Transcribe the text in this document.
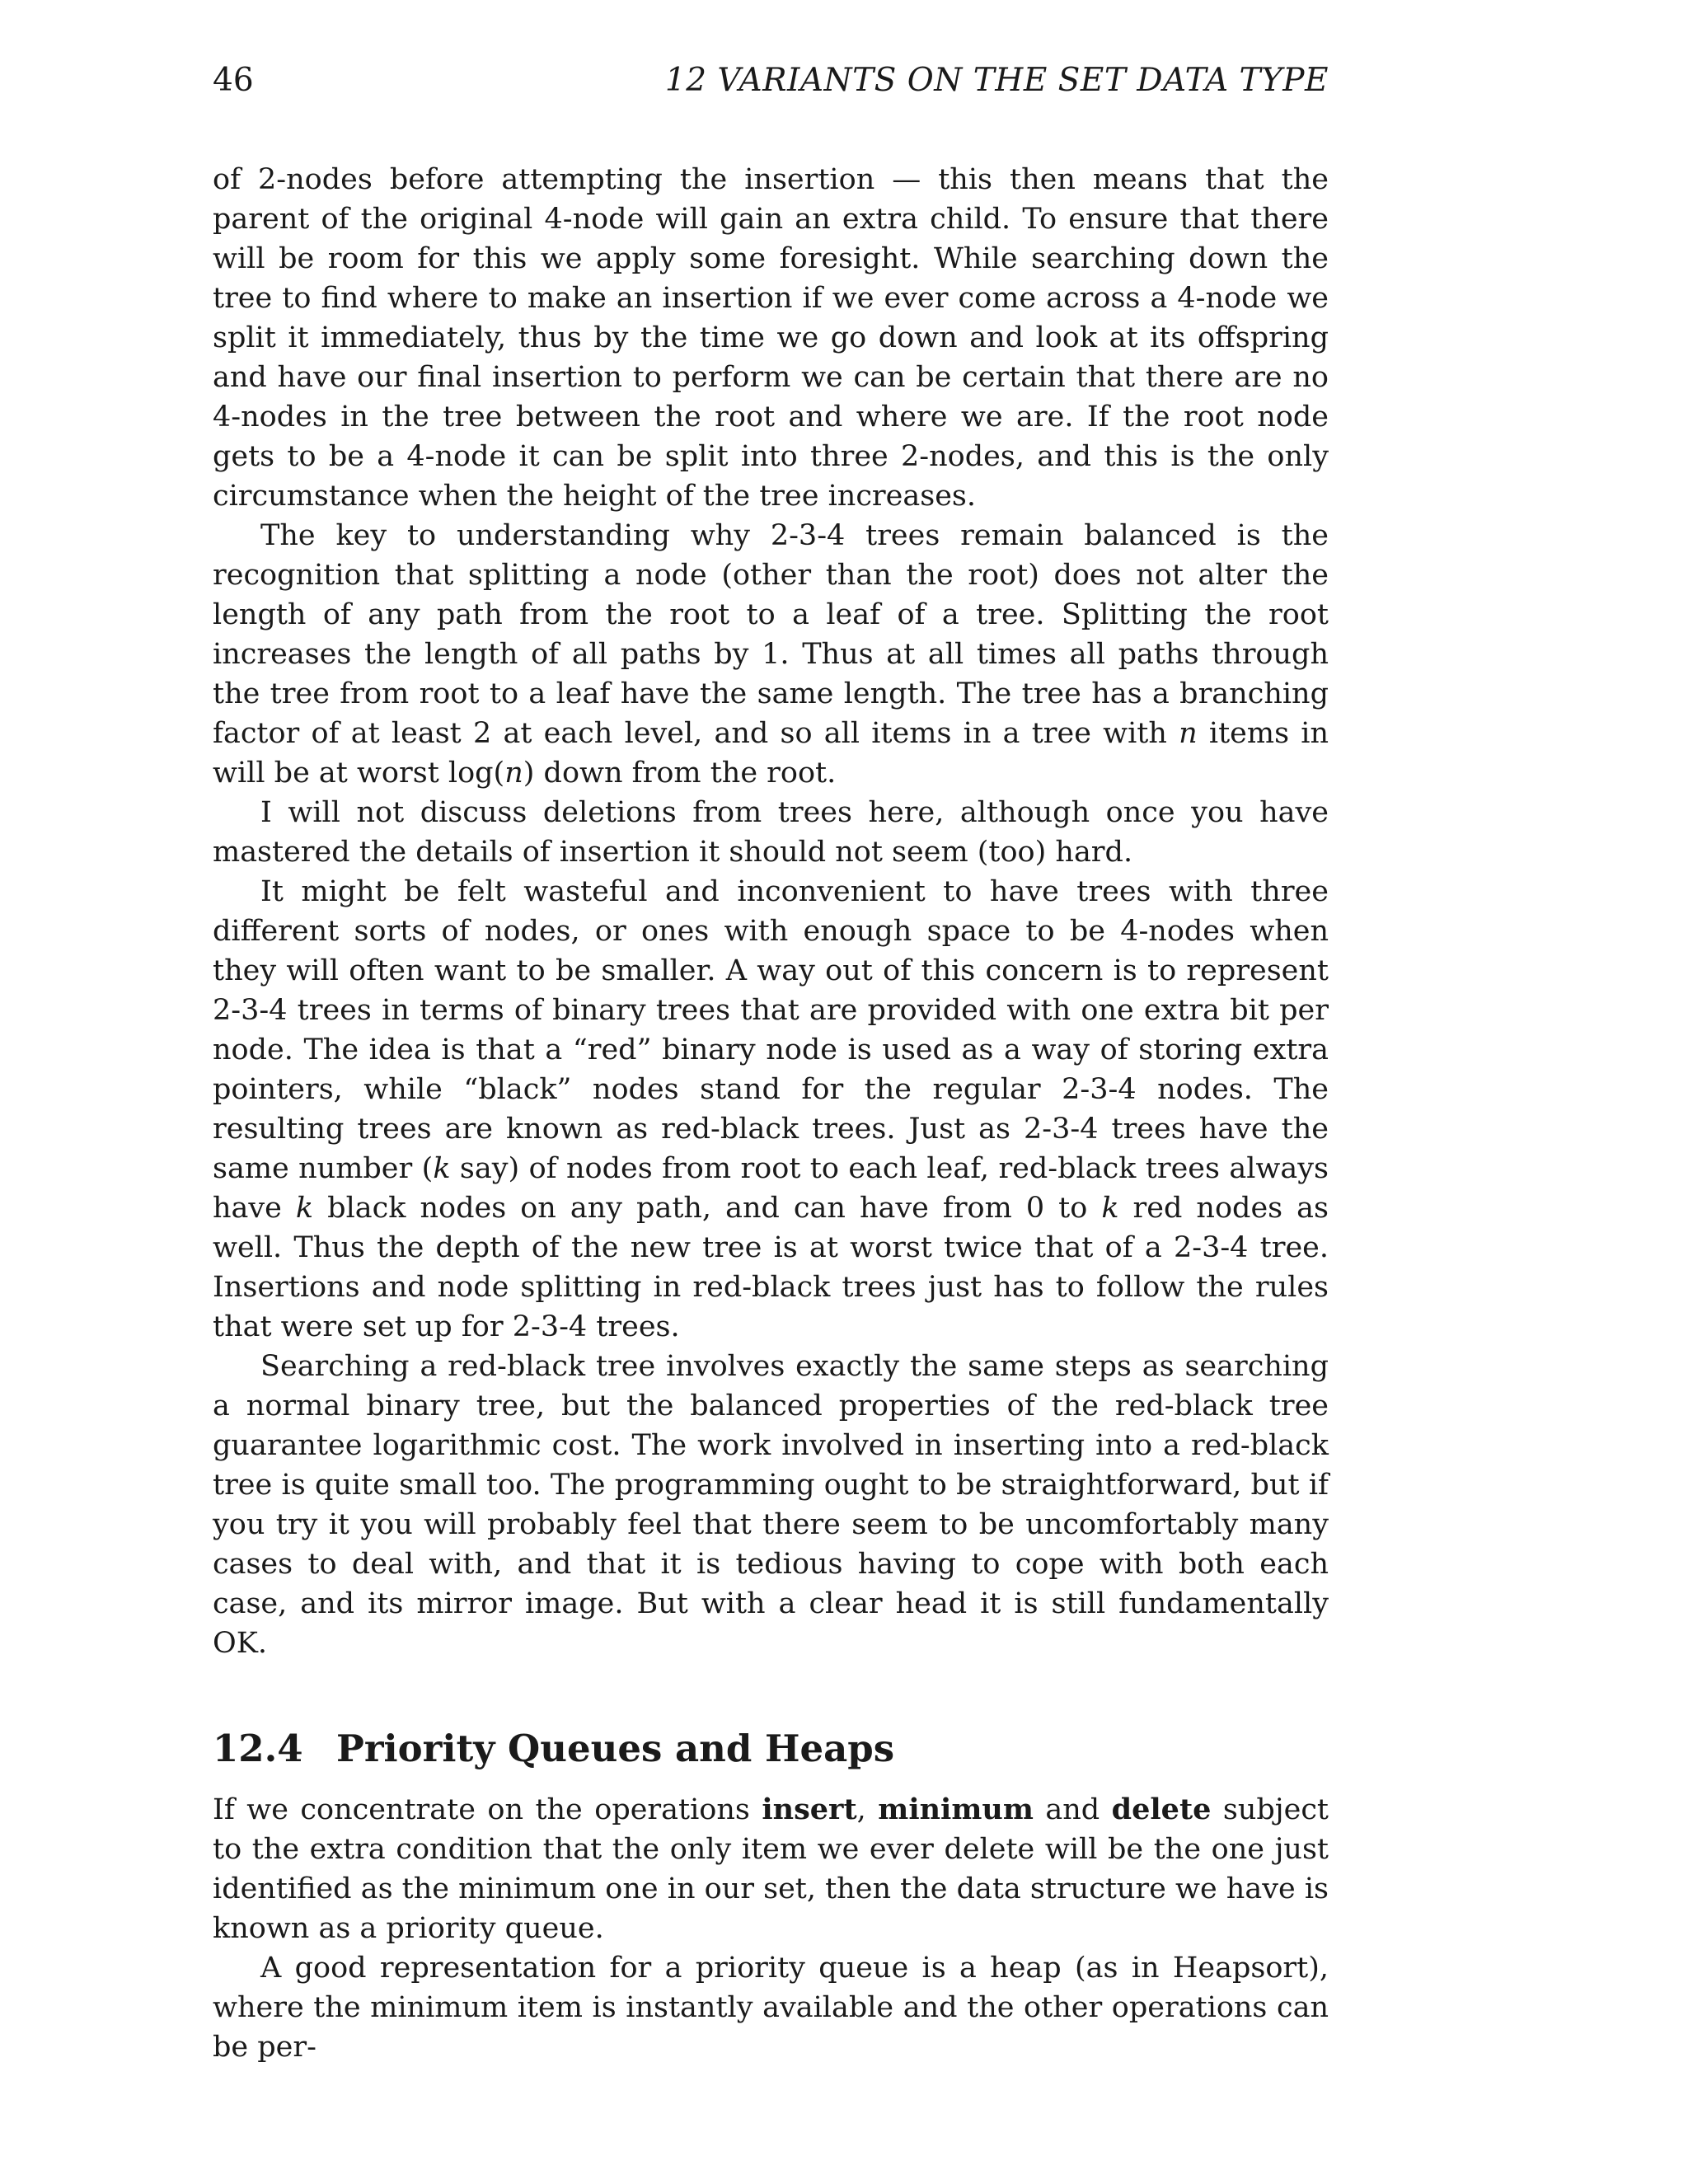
46	12 VARIANTS ON THE SET DATA TYPE

of 2-nodes before attempting the insertion — this then means that the parent of the original 4-node will gain an extra child. To ensure that there will be room for this we apply some foresight. While searching down the tree to find where to make an insertion if we ever come across a 4-node we split it immediately, thus by the time we go down and look at its offspring and have our final insertion to perform we can be certain that there are no 4-nodes in the tree between the root and where we are. If the root node gets to be a 4-node it can be split into three 2-nodes, and this is the only circumstance when the height of the tree increases.

The key to understanding why 2-3-4 trees remain balanced is the recognition that splitting a node (other than the root) does not alter the length of any path from the root to a leaf of a tree. Splitting the root increases the length of all paths by 1. Thus at all times all paths through the tree from root to a leaf have the same length. The tree has a branching factor of at least 2 at each level, and so all items in a tree with n items in will be at worst log(n) down from the root.

I will not discuss deletions from trees here, although once you have mastered the details of insertion it should not seem (too) hard.

It might be felt wasteful and inconvenient to have trees with three different sorts of nodes, or ones with enough space to be 4-nodes when they will often want to be smaller. A way out of this concern is to represent 2-3-4 trees in terms of binary trees that are provided with one extra bit per node. The idea is that a “red” binary node is used as a way of storing extra pointers, while “black” nodes stand for the regular 2-3-4 nodes. The resulting trees are known as red-black trees. Just as 2-3-4 trees have the same number (k say) of nodes from root to each leaf, red-black trees always have k black nodes on any path, and can have from 0 to k red nodes as well. Thus the depth of the new tree is at worst twice that of a 2-3-4 tree. Insertions and node splitting in red-black trees just has to follow the rules that were set up for 2-3-4 trees.

Searching a red-black tree involves exactly the same steps as searching a normal binary tree, but the balanced properties of the red-black tree guarantee logarithmic cost. The work involved in inserting into a red-black tree is quite small too. The programming ought to be straightforward, but if you try it you will probably feel that there seem to be uncomfortably many cases to deal with, and that it is tedious having to cope with both each case, and its mirror image. But with a clear head it is still fundamentally OK.

12.4 Priority Queues and Heaps

If we concentrate on the operations insert, minimum and delete subject to the extra condition that the only item we ever delete will be the one just identified as the minimum one in our set, then the data structure we have is known as a priority queue.

A good representation for a priority queue is a heap (as in Heapsort), where the minimum item is instantly available and the other operations can be per-
